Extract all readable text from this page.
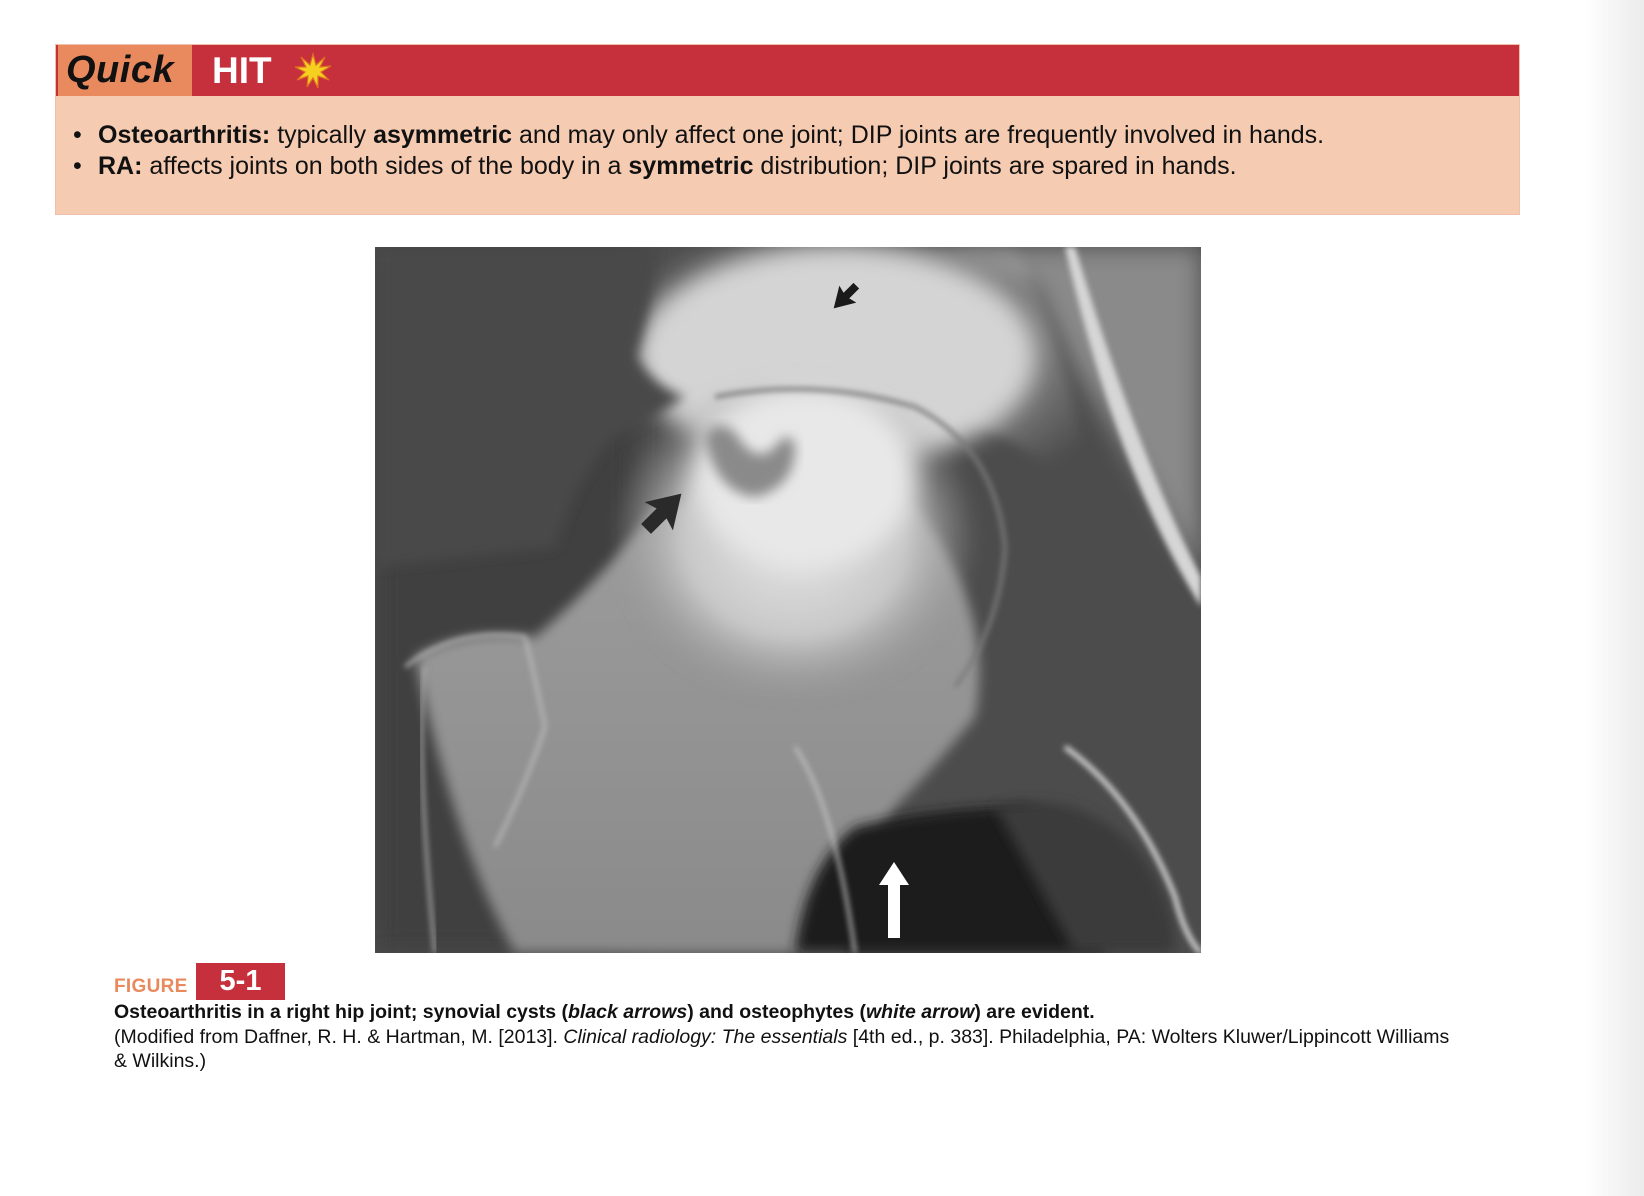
Quick	HIT
• Osteoarthritis: typically asymmetric and may only affect one joint; DIP joints are frequently involved in hands.
• RA: affects joints on both sides of the body in a symmetric distribution; DIP joints are spared in hands.
FIGURE	5-1
Osteoarthritis in a right hip joint; synovial cysts (black arrows) and osteophytes (white arrow) are evident.
(Modified from Daffner, R. H. & Hartman, M. [2013]. Clinical radiology: The essentials [4th ed., p. 383]. Philadelphia, PA: Wolters Kluwer/Lippincott Williams & Wilkins.)
